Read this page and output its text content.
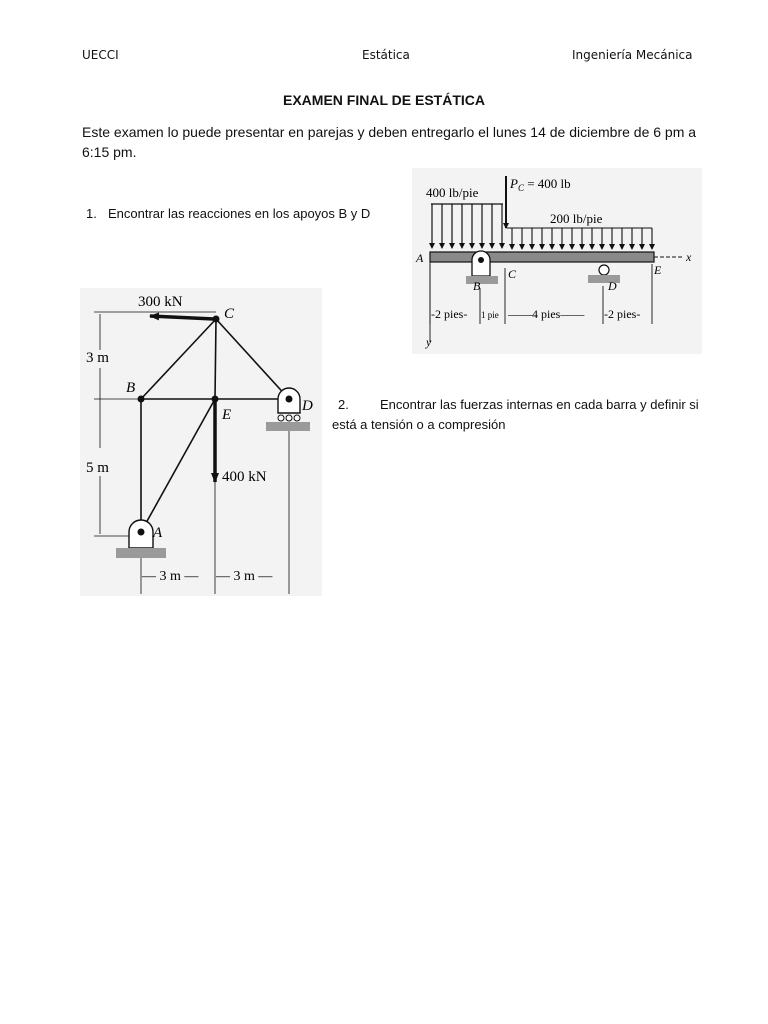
UECCI	Estática	Ingeniería Mecánica
EXAMEN FINAL DE ESTÁTICA
Este examen lo puede presentar en parejas y deben entregarlo el lunes 14 de diciembre de 6 pm a 6:15 pm.
1. Encontrar las reacciones en los apoyos B y D
2. Encontrar las fuerzas internas en cada barra y definir si está a tensión o a compresión
400 lb/pie
$P_C = 400$ lb
200 lb/pie
x
A
B
C
D
E
-2 pies- 1 pie ——4 pies—— -2 pies-
y
3 m
5 m
— 3 m — — 3 m —
300 kN
400 kN
C
B
E
D
A
